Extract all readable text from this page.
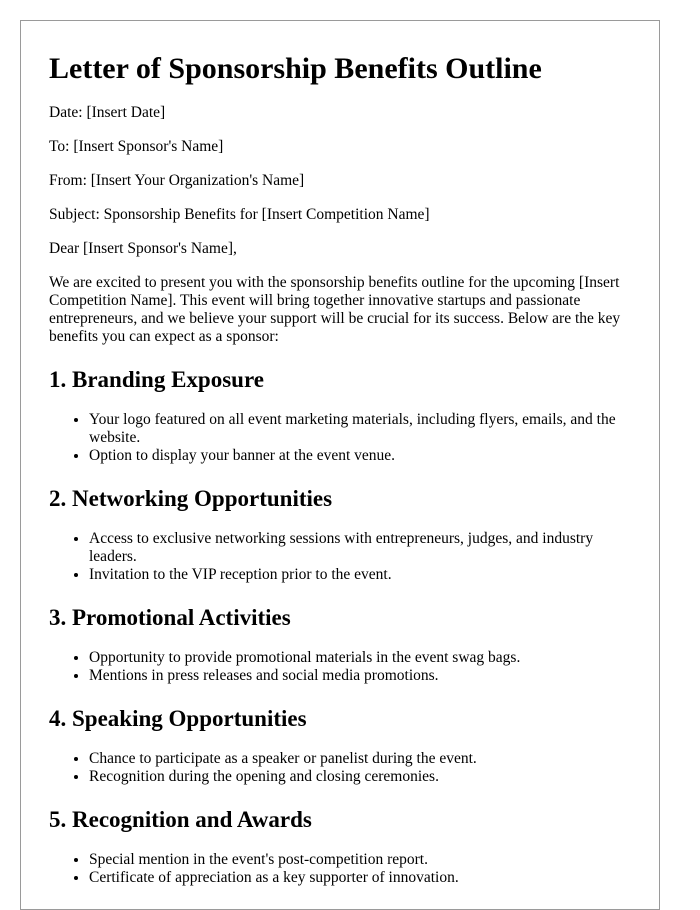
Letter of Sponsorship Benefits Outline

Date: [Insert Date]

To: [Insert Sponsor's Name]

From: [Insert Your Organization's Name]

Subject: Sponsorship Benefits for [Insert Competition Name]

Dear [Insert Sponsor's Name],

We are excited to present you with the sponsorship benefits outline for the upcoming [Insert Competition Name]. This event will bring together innovative startups and passionate entrepreneurs, and we believe your support will be crucial for its success. Below are the key benefits you can expect as a sponsor:

1. Branding Exposure
• Your logo featured on all event marketing materials, including flyers, emails, and the website.
• Option to display your banner at the event venue.
2. Networking Opportunities
• Access to exclusive networking sessions with entrepreneurs, judges, and industry leaders.
• Invitation to the VIP reception prior to the event.
3. Promotional Activities
• Opportunity to provide promotional materials in the event swag bags.
• Mentions in press releases and social media promotions.
4. Speaking Opportunities
• Chance to participate as a speaker or panelist during the event.
• Recognition during the opening and closing ceremonies.
5. Recognition and Awards
• Special mention in the event's post-competition report.
• Certificate of appreciation as a key supporter of innovation.
